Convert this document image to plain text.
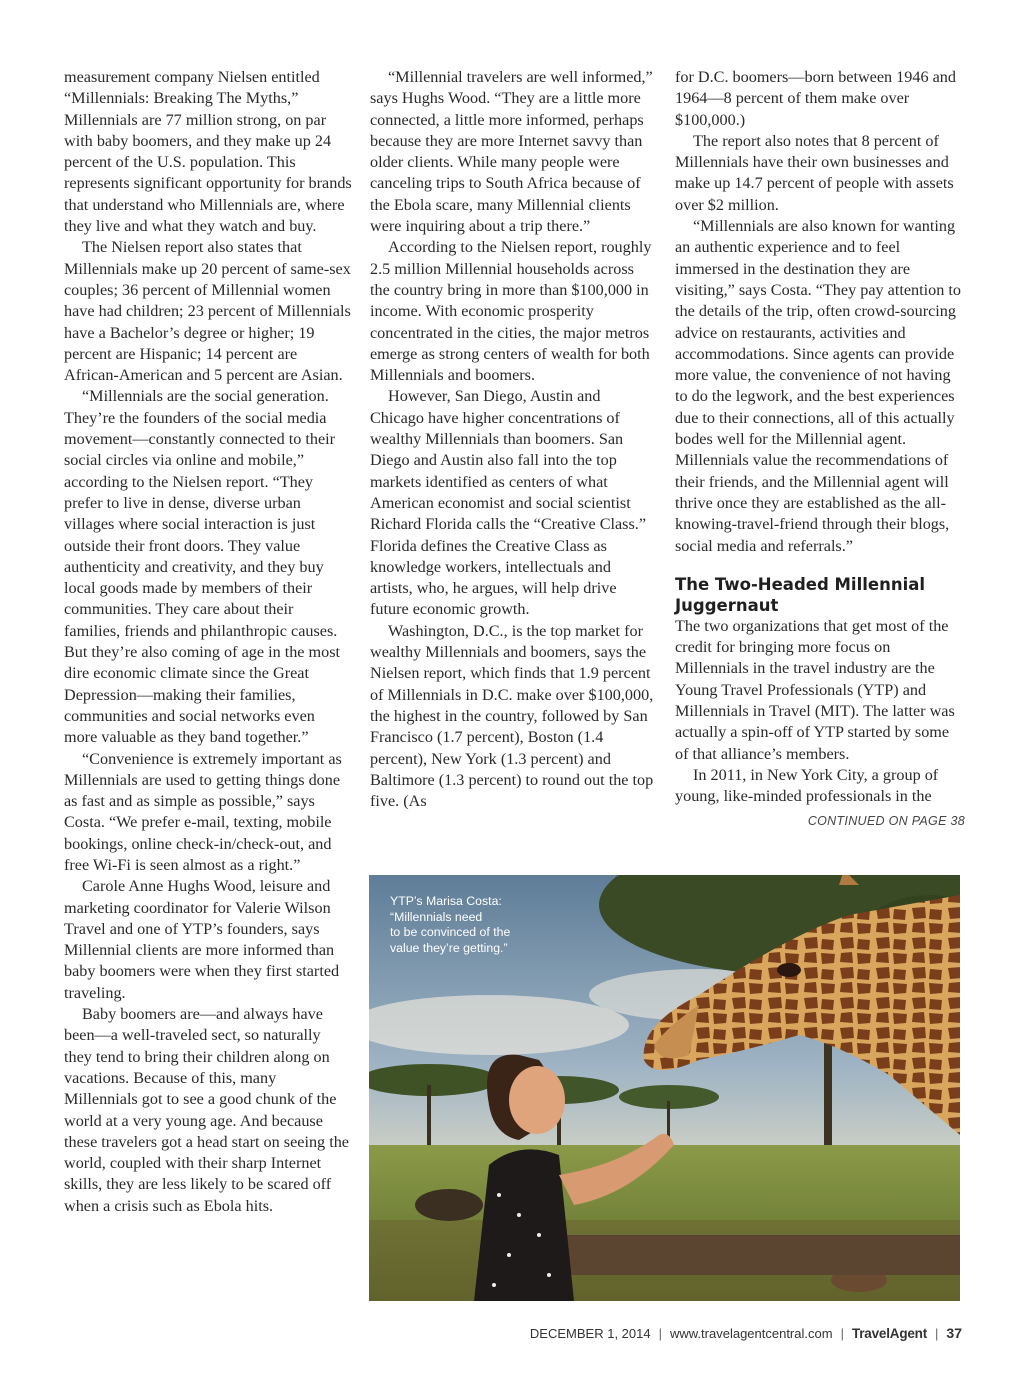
measurement company Nielsen entitled “Millennials: Breaking The Myths,” Millennials are 77 million strong, on par with baby boomers, and they make up 24 percent of the U.S. population. This represents significant opportunity for brands that understand who Millennials are, where they live and what they watch and buy.

The Nielsen report also states that Millennials make up 20 percent of same-sex couples; 36 percent of Millennial women have had children; 23 percent of Millennials have a Bachelor’s degree or higher; 19 percent are Hispanic; 14 percent are African-American and 5 percent are Asian.

“Millennials are the social generation. They’re the founders of the social media movement—constantly connected to their social circles via online and mobile,” according to the Nielsen report. “They prefer to live in dense, diverse urban villages where social interaction is just outside their front doors. They value authenticity and creativity, and they buy local goods made by members of their communities. They care about their families, friends and philanthropic causes. But they’re also coming of age in the most dire economic climate since the Great Depression—making their families, communities and social networks even more valuable as they band together.”

“Convenience is extremely important as Millennials are used to getting things done as fast and as simple as possible,” says Costa. “We prefer e-mail, texting, mobile bookings, online check-in/check-out, and free Wi-Fi is seen almost as a right.”

Carole Anne Hughs Wood, leisure and marketing coordinator for Valerie Wilson Travel and one of YTP’s founders, says Millennial clients are more informed than baby boomers were when they first started traveling.

Baby boomers are—and always have been—a well-traveled sect, so naturally they tend to bring their children along on vacations. Because of this, many Millennials got to see a good chunk of the world at a very young age. And because these travelers got a head start on seeing the world, coupled with their sharp Internet skills, they are less likely to be scared off when a crisis such as Ebola hits.

“Millennial travelers are well informed,” says Hughs Wood. “They are a little more connected, a little more informed, perhaps because they are more Internet savvy than older clients. While many people were canceling trips to South Africa because of the Ebola scare, many Millennial clients were inquiring about a trip there.”

According to the Nielsen report, roughly 2.5 million Millennial households across the country bring in more than $100,000 in income. With economic prosperity concentrated in the cities, the major metros emerge as strong centers of wealth for both Millennials and boomers.

However, San Diego, Austin and Chicago have higher concentrations of wealthy Millennials than boomers. San Diego and Austin also fall into the top markets identified as centers of what American economist and social scientist Richard Florida calls the “Creative Class.” Florida defines the Creative Class as knowledge workers, intellectuals and artists, who, he argues, will help drive future economic growth.

Washington, D.C., is the top market for wealthy Millennials and boomers, says the Nielsen report, which finds that 1.9 percent of Millennials in D.C. make over $100,000, the highest in the country, followed by San Francisco (1.7 percent), Boston (1.4 percent), New York (1.3 percent) and Baltimore (1.3 percent) to round out the top five. (As

for D.C. boomers—born between 1946 and 1964—8 percent of them make over $100,000.)

The report also notes that 8 percent of Millennials have their own businesses and make up 14.7 percent of people with assets over $2 million.

“Millennials are also known for wanting an authentic experience and to feel immersed in the destination they are visiting,” says Costa. “They pay attention to the details of the trip, often crowd-sourcing advice on restaurants, activities and accommodations. Since agents can provide more value, the convenience of not having to do the legwork, and the best experiences due to their connections, all of this actually bodes well for the Millennial agent. Millennials value the recommendations of their friends, and the Millennial agent will thrive once they are established as the all-knowing-travel-friend through their blogs, social media and referrals.”

The Two-Headed Millennial Juggernaut

The two organizations that get most of the credit for bringing more focus on Millennials in the travel industry are the Young Travel Professionals (YTP) and Millennials in Travel (MIT). The latter was actually a spin-off of YTP started by some of that alliance’s members.

In 2011, in New York City, a group of young, like-minded professionals in the

CONTINUED ON PAGE 38
YTP’s Marisa Costa:
“Millennials need
to be convinced of the
value they’re getting.”
DECEMBER 1, 2014 | www.travelagentcentral.com | TravelAgent | 37
